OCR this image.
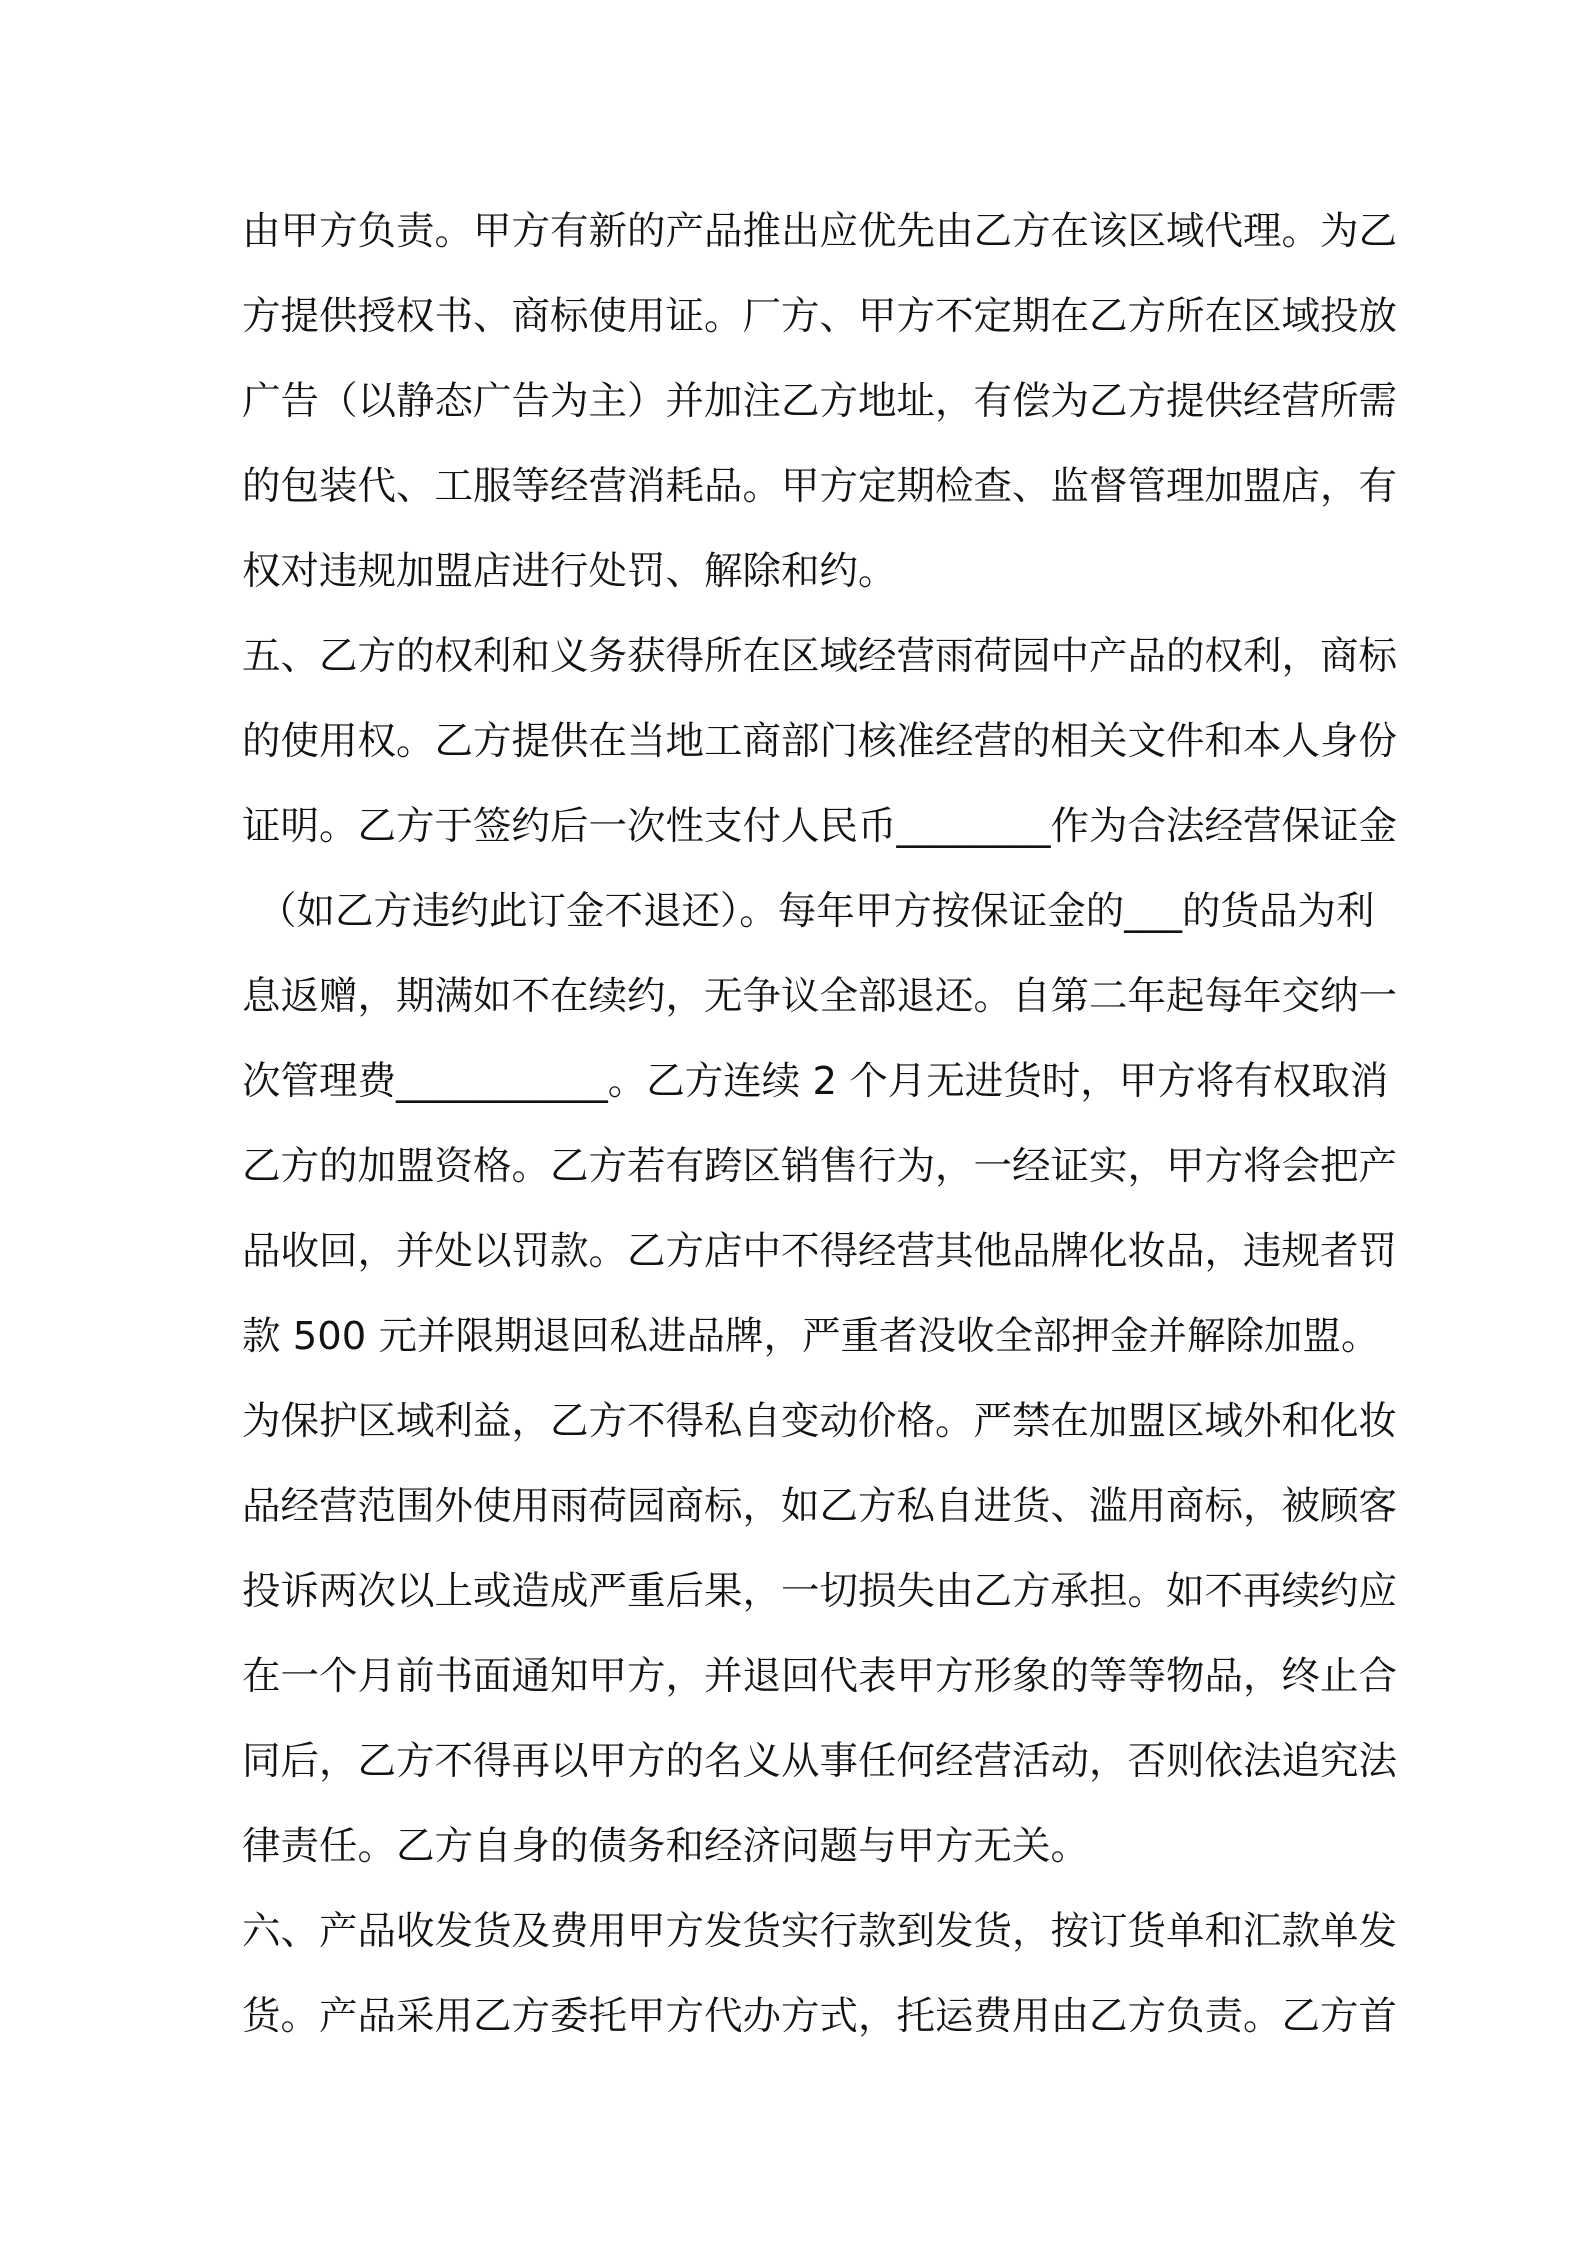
由甲方负责。甲方有新的产品推出应优先由乙方在该区域代理。为乙

方提供授权书、商标使用证。厂方、甲方不定期在乙方所在区域投放

广告（以静态广告为主）并加注乙方地址，有偿为乙方提供经营所需

的包装代、工服等经营消耗品。甲方定期检查、监督管理加盟店，有

权对违规加盟店进行处罚、解除和约。

五、乙方的权利和义务获得所在区域经营雨荷园中产品的权利，商标

的使用权。乙方提供在当地工商部门核准经营的相关文件和本人身份

证明。乙方于签约后一次性支付人民币________作为合法经营保证金

（如乙方违约此订金不退还）。每年甲方按保证金的___的货品为利

息返赠，期满如不在续约，无争议全部退还。自第二年起每年交纳一

次管理费___________。乙方连续 2 个月无进货时，甲方将有权取消

乙方的加盟资格。乙方若有跨区销售行为，一经证实，甲方将会把产

品收回，并处以罚款。乙方店中不得经营其他品牌化妆品，违规者罚

款 500 元并限期退回私进品牌，严重者没收全部押金并解除加盟。

为保护区域利益，乙方不得私自变动价格。严禁在加盟区域外和化妆

品经营范围外使用雨荷园商标，如乙方私自进货、滥用商标，被顾客

投诉两次以上或造成严重后果，一切损失由乙方承担。如不再续约应

在一个月前书面通知甲方，并退回代表甲方形象的等等物品，终止合

同后，乙方不得再以甲方的名义从事任何经营活动，否则依法追究法

律责任。乙方自身的债务和经济问题与甲方无关。

六、产品收发货及费用甲方发货实行款到发货，按订货单和汇款单发

货。产品采用乙方委托甲方代办方式，托运费用由乙方负责。乙方首
